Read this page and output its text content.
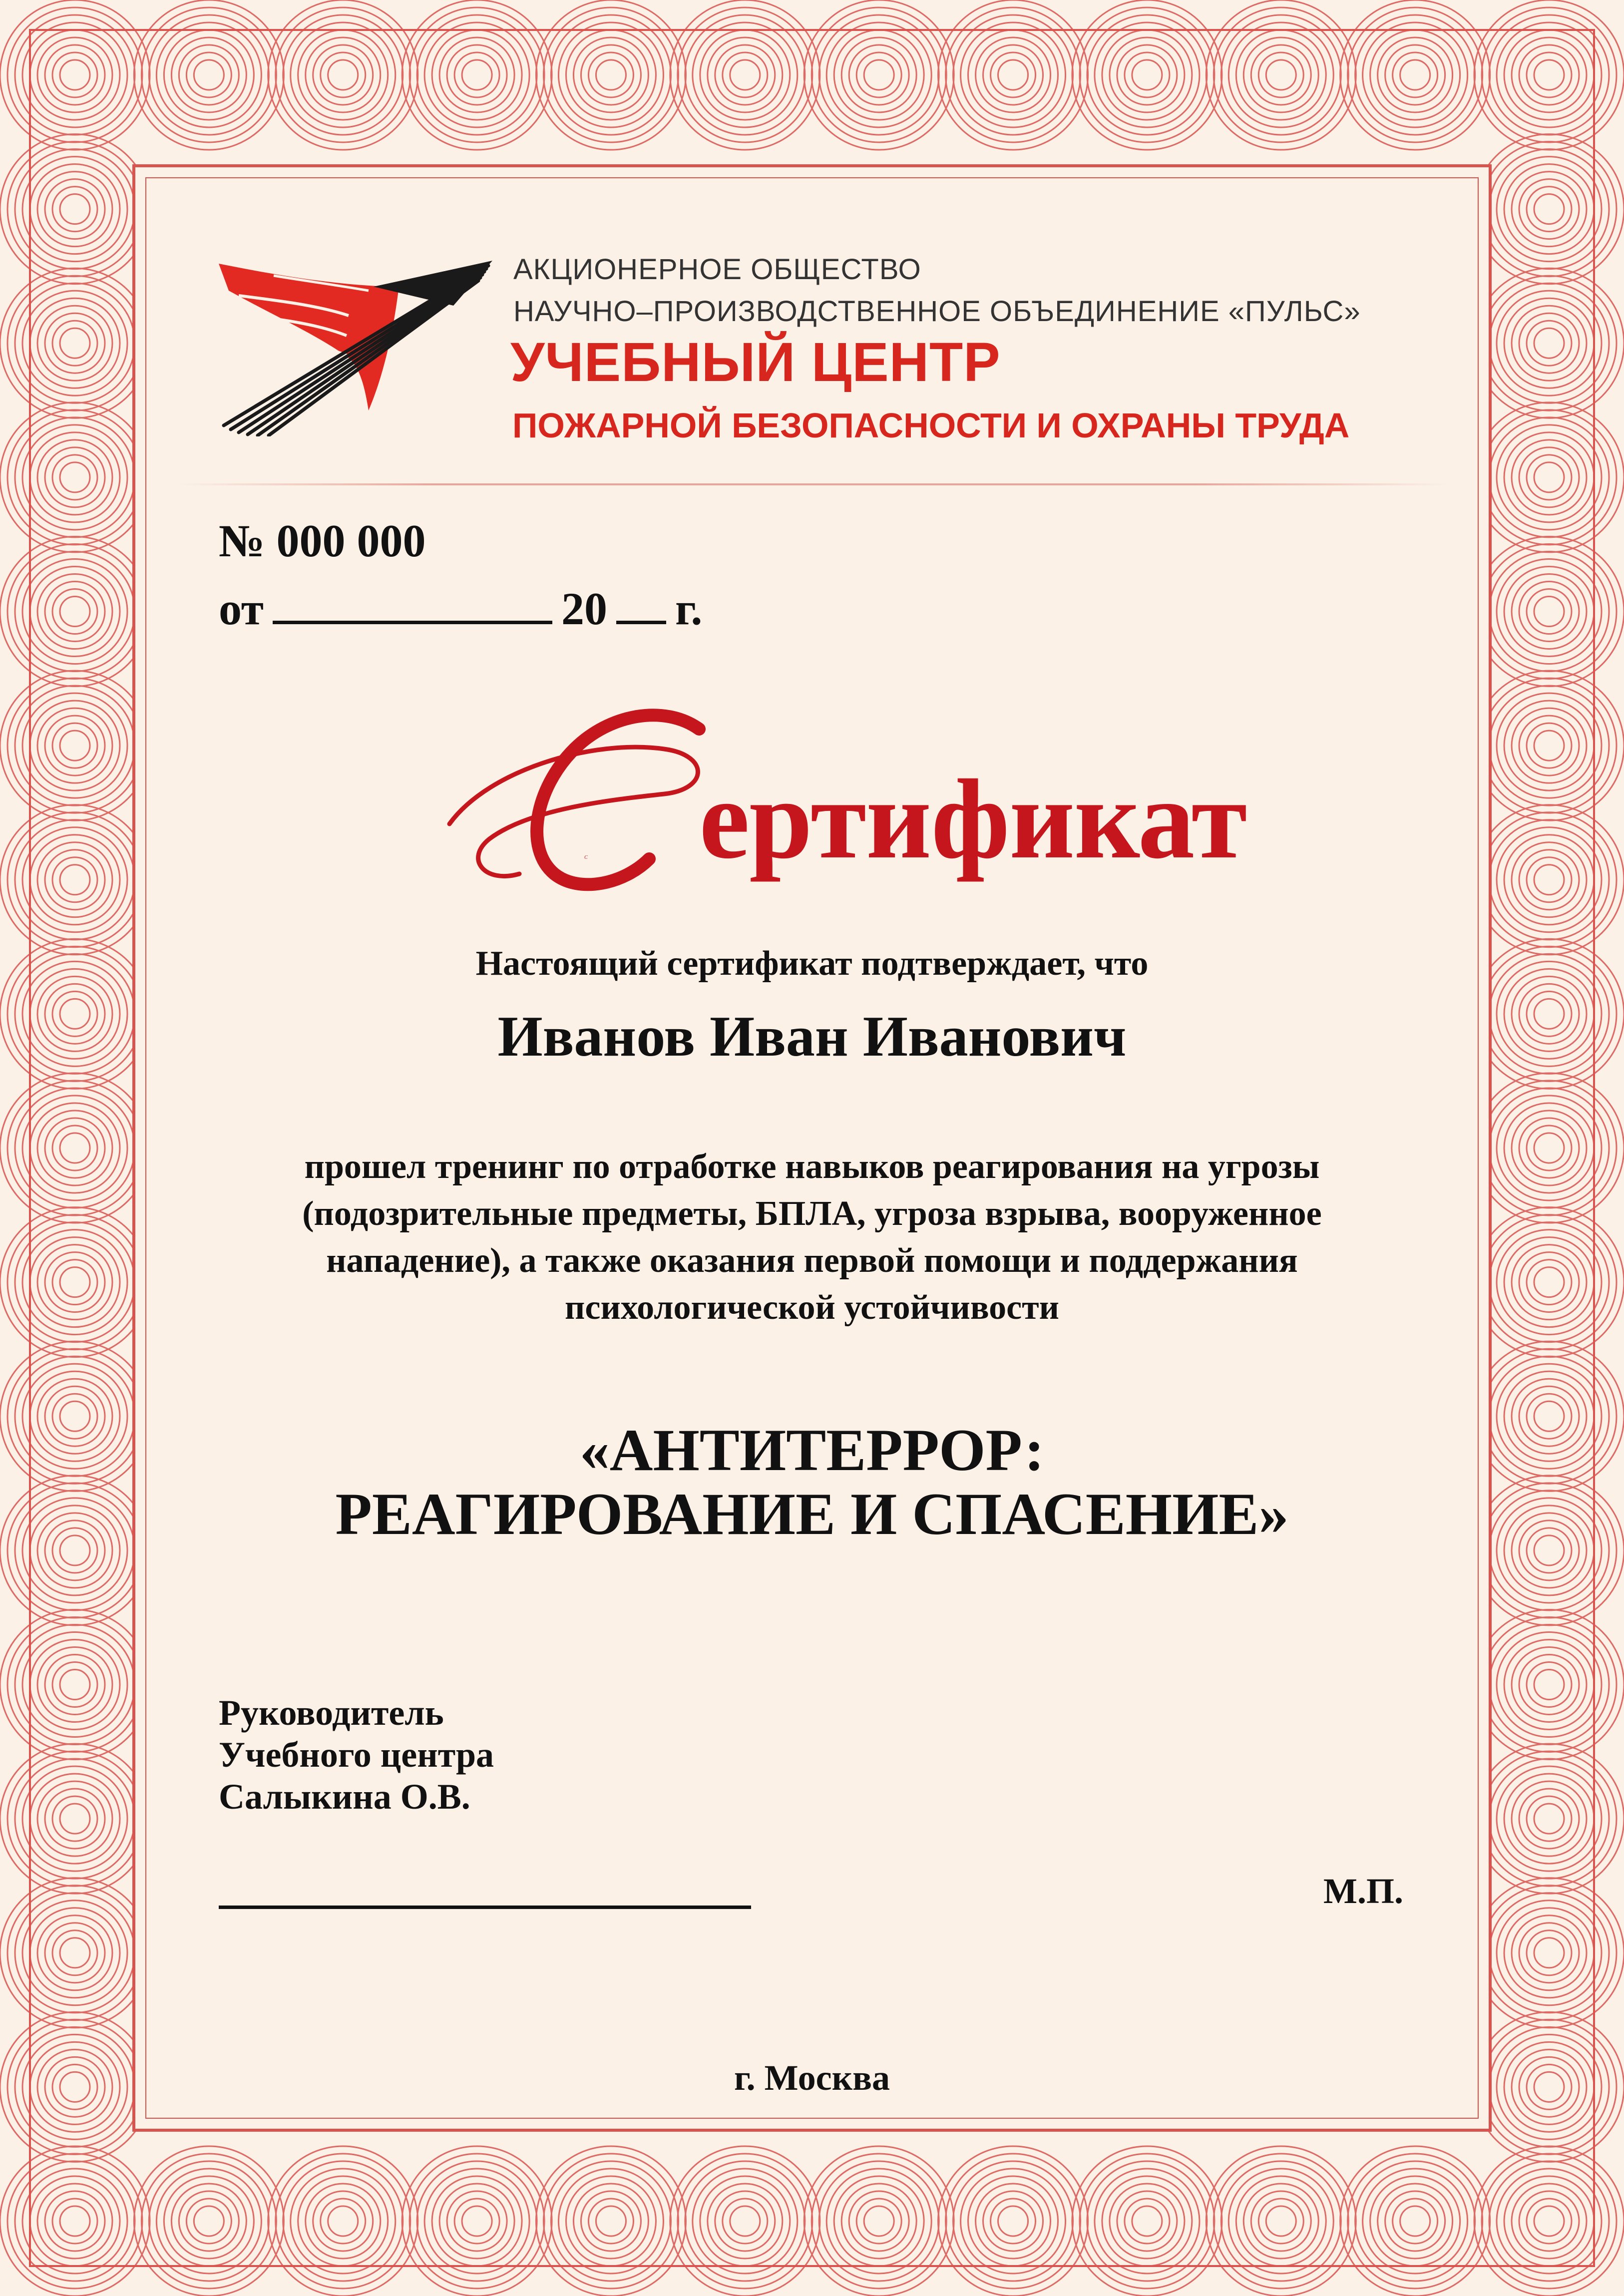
АКЦИОНЕРНОЕ ОБЩЕСТВО
НАУЧНО–ПРОИЗВОДСТВЕННОЕ ОБЪЕДИНЕНИЕ «ПУЛЬС»
УЧЕБНЫЙ ЦЕНТР
ПОЖАРНОЙ БЕЗОПАСНОСТИ И ОХРАНЫ ТРУДА
№ 000 000
от	20 г.
С ертификат
Настоящий сертификат подтверждает, что
Иванов Иван Иванович
прошел тренинг по отработке навыков реагирования на угрозы
(подозрительные предметы, БПЛА, угроза взрыва, вооруженное
нападение), а также оказания первой помощи и поддержания
психологической устойчивости
«АНТИТЕРРОР:
РЕАГИРОВАНИЕ И СПАСЕНИЕ»
Руководитель
Учебного центра
Салыкина О.В.
М.П.
г. Москва
